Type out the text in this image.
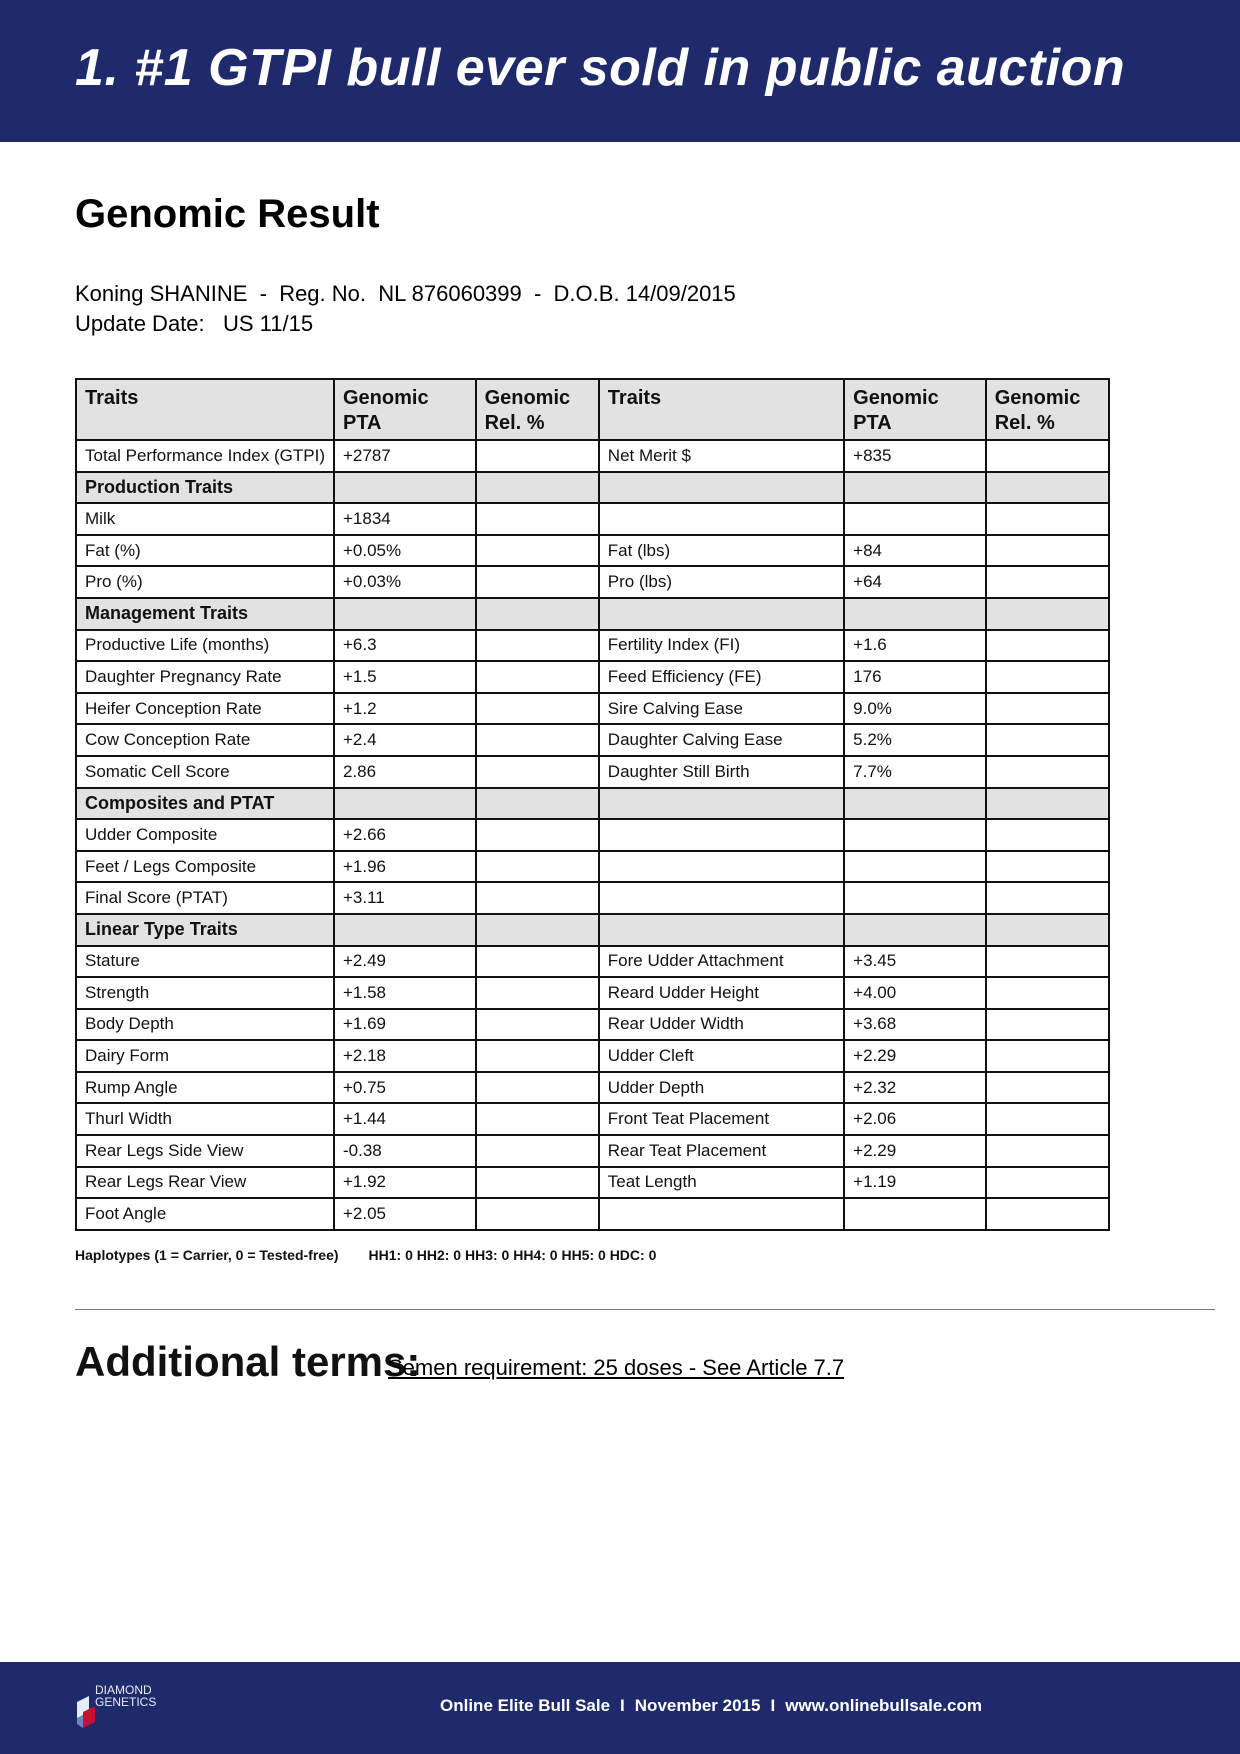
1. #1 GTPI bull ever sold in public auction
Genomic Result
Koning SHANINE  -  Reg. No.  NL 876060399  -  D.O.B. 14/09/2015
Update Date:   US 11/15
Traits	Genomic PTA	Genomic Rel. %	Traits	Genomic PTA	Genomic Rel. %
Total Performance Index (GTPI)	+2787		Net Merit $	+835	
Production Traits					
Milk	+1834				
Fat (%)	+0.05%		Fat (lbs)	+84	
Pro (%)	+0.03%		Pro (lbs)	+64	
Management Traits					
Productive Life (months)	+6.3		Fertility Index (FI)	+1.6	
Daughter Pregnancy Rate	+1.5		Feed Efficiency (FE)	176	
Heifer Conception Rate	+1.2		Sire Calving Ease	9.0%	
Cow Conception Rate	+2.4		Daughter Calving Ease	5.2%	
Somatic Cell Score	2.86		Daughter Still Birth	7.7%	
Composites and PTAT					
Udder Composite	+2.66				
Feet / Legs Composite	+1.96				
Final Score (PTAT)	+3.11				
Linear Type Traits					
Stature	+2.49		Fore Udder Attachment	+3.45	
Strength	+1.58		Reard Udder Height	+4.00	
Body Depth	+1.69		Rear Udder Width	+3.68	
Dairy Form	+2.18		Udder Cleft	+2.29	
Rump Angle	+0.75		Udder Depth	+2.32	
Thurl Width	+1.44		Front Teat Placement	+2.06	
Rear Legs Side View	-0.38		Rear Teat Placement	+2.29	
Rear Legs Rear View	+1.92		Teat Length	+1.19	
Foot Angle	+2.05				
Haplotypes (1 = Carrier, 0 = Tested-free) HH1: 0 HH2: 0 HH3: 0 HH4: 0 HH5: 0 HDC: 0
Additional terms:
Semen requirement: 25 doses - See Article 7.7
DIAMOND
GENETICS	Online Elite Bull Sale I November 2015 I www.onlinebullsale.com
